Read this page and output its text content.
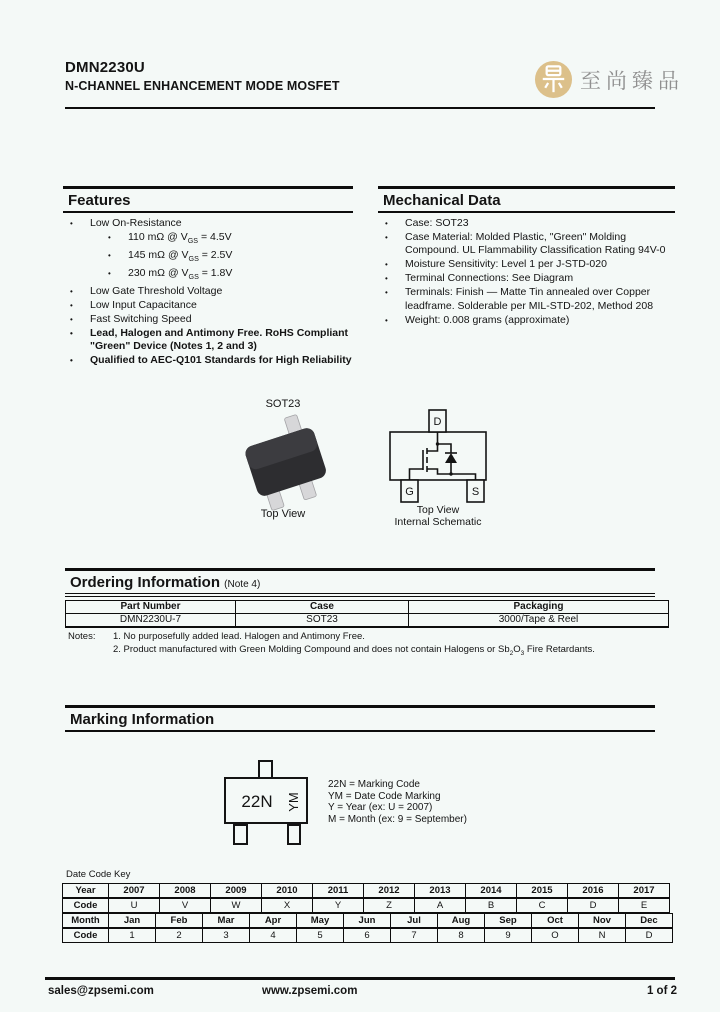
DMN2230U
N-CHANNEL ENHANCEMENT MODE MOSFET	至尚臻品
Features
•	Low On-Resistance
•	110 mΩ @ $V_{GS} = 4.5V$
•	145 mΩ @ $V_{GS} = 2.5V$
•	230 mΩ @ $V_{GS} = 1.8V$
•	Low Gate Threshold Voltage
•	Low Input Capacitance
•	Fast Switching Speed
•	Lead, Halogen and Antimony Free. RoHS Compliant "Green" Device (Notes 1, 2 and 3)
•	Qualified to AEC-Q101 Standards for High Reliability
Mechanical Data
•	Case: SOT23
•	Case Material: Molded Plastic, "Green" Molding Compound. UL Flammability Classification Rating 94V-0
•	Moisture Sensitivity: Level 1 per J-STD-020
•	Terminal Connections: See Diagram
•	Terminals: Finish — Matte Tin annealed over Copper leadframe. Solderable per MIL-STD-202, Method 208
•	Weight: 0.008 grams (approximate)
SOT23
Top View
D
G	S
Top View
Internal Schematic
Ordering Information (Note 4)
Part Number	Case	Packaging
DMN2230U-7	SOT23	3000/Tape & Reel
Notes:	1. No purposefully added lead. Halogen and Antimony Free.
2. Product manufactured with Green Molding Compound and does not contain Halogens or $Sb_2O_3$ Fire Retardants.
Marking Information
22N	YM
22N = Marking Code
YM = Date Code Marking
Y = Year (ex: U = 2007)
M = Month (ex: 9 = September)
Date Code Key
Year	2007	2008	2009	2010	2011	2012	2013	2014	2015	2016	2017
Code	U	V	W	X	Y	Z	A	B	C	D	E
Month	Jan	Feb	Mar	Apr	May	Jun	Jul	Aug	Sep	Oct	Nov	Dec
Code	1	2	3	4	5	6	7	8	9	O	N	D
sales@zpsemi.com	www.zpsemi.com	1 of 2
